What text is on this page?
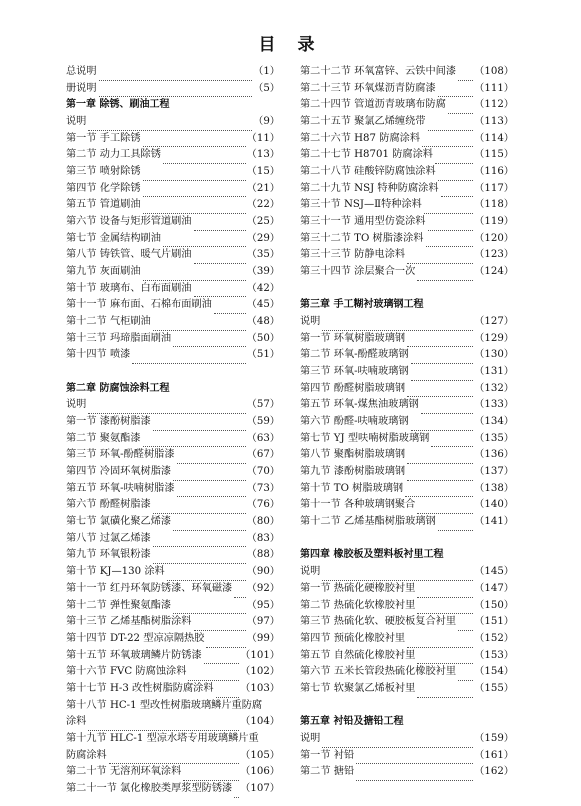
目 录
总说明	（1）
册说明	（5）
第一章 除锈、刷油工程
说明	（9）
第一节 手工除锈	（11）
第二节 动力工具除锈	（13）
第三节 喷射除锈	（15）
第四节 化学除锈	（21）
第五节 管道刷油	（22）
第六节 设备与矩形管道刷油	（25）
第七节 金属结构刷油	（29）
第八节 铸铁管、暖气片刷油	（35）
第九节 灰面刷油	（39）
第十节 玻璃布、白布面刷油	（42）
第十一节 麻布面、石棉布面刷油	（45）
第十二节 气柜刷油	（48）
第十三节 玛𤧛脂面刷油	（50）
第十四节 喷漆	（51）
第二章 防腐蚀涂料工程
说明	（57）
第一节 漆酚树脂漆	（59）
第二节 聚氨酯漆	（63）
第三节 环氧-酚醛树脂漆	（67）
第四节 冷固环氧树脂漆	（70）
第五节 环氧-呋喃树脂漆	（73）
第六节 酚醛树脂漆	（76）
第七节 氯磺化聚乙烯漆	（80）
第八节 过氯乙烯漆	（83）
第九节 环氧银粉漆	（88）
第十节 KJ—130 涂料	（90）
第十一节 红丹环氧防锈漆、环氧磁漆 （92）
第十二节 弹性聚氨酯漆	（95）
第十三节 乙烯基酯树脂涂料	（97）
第十四节 DT-22 型凉凉隔热胶	（99）
第十五节 环氧玻璃鳞片防锈漆	（101）
第十六节 FVC 防腐蚀涂料	（102）
第十七节 H-3 改性树脂防腐涂料	（103）
第十八节 HC-1 型改性树脂玻璃鳞片重防腐
涂料	（104）
第十九节 HLC-1 型凉水塔专用玻璃鳞片重
防腐涂料	（105）
第二十节 无溶剂环氧涂料	（106）
第二十一节 氯化橡胶类厚浆型防锈漆 （107）
第二十二节 环氧富锌、云铁中间漆 （108）
第二十三节 环氧煤沥青防腐漆	（111）
第二十四节 管道沥青玻璃布防腐	（112）
第二十五节 聚氯乙烯缠绕带	（113）
第二十六节 H87 防腐涂料	（114）
第二十七节 H8701 防腐涂料	（115）
第二十八节 硅酸锌防腐蚀涂料	（116）
第二十九节 NSJ 特种防腐涂料	（117）
第三十节 NSJ—Ⅱ特种涂料	（118）
第三十一节 通用型仿瓷涂料	（119）
第三十二节 TO 树脂漆涂料	（120）
第三十三节 防静电涂料	（123）
第三十四节 涂层聚合一次	（124）
第三章 手工糊衬玻璃钢工程
说明	（127）
第一节 环氧树脂玻璃钢	（129）
第二节 环氧-酚醛玻璃钢	（130）
第三节 环氧-呋喃玻璃钢	（131）
第四节 酚醛树脂玻璃钢	（132）
第五节 环氧-煤焦油玻璃钢	（133）
第六节 酚醛-呋喃玻璃钢	（134）
第七节 YJ 型呋喃树脂玻璃钢	（135）
第八节 聚酯树脂玻璃钢	（136）
第九节 漆酚树脂玻璃钢	（137）
第十节 TO 树脂玻璃钢	（138）
第十一节 各种玻璃钢聚合	（140）
第十二节 乙烯基酯树脂玻璃钢	（141）
第四章 橡胶板及塑料板衬里工程
说明	（145）
第一节 热硫化硬橡胶衬里	（147）
第二节 热硫化软橡胶衬里	（150）
第三节 热硫化软、硬胶板复合衬里 （151）
第四节 预硫化橡胶衬里	（152）
第五节 自然硫化橡胶衬里	（153）
第六节 五米长管段热硫化橡胶衬里 （154）
第七节 软聚氯乙烯板衬里	（155）
第五章 衬铅及搪铅工程
说明	（159）
第一节 衬铅	（161）
第二节 搪铅	（162）
